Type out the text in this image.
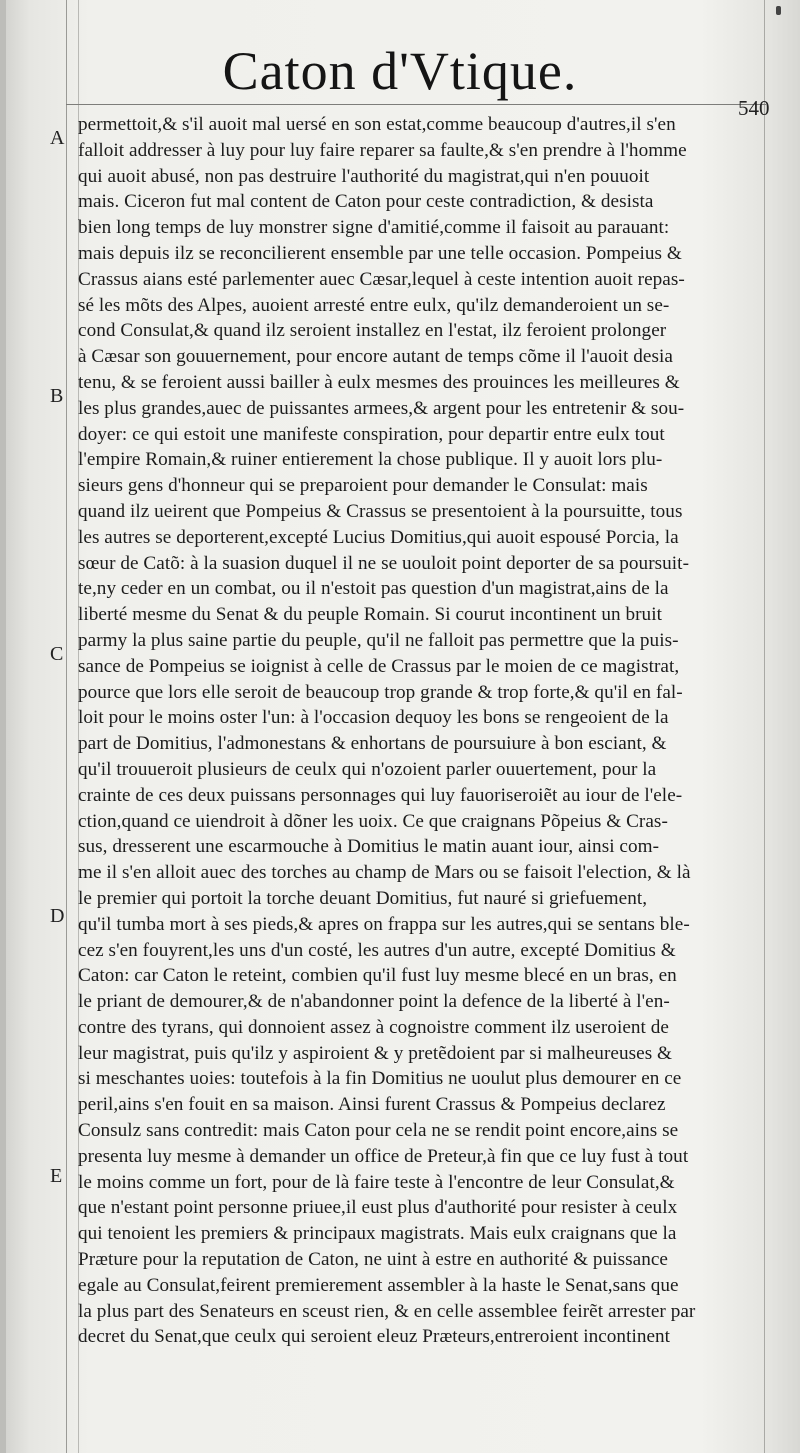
Caton d'Vtique.
540
A
B
C
D
E
permettoit,& s'il auoit mal uersé en son estat,comme beaucoup d'autres,il s'en
falloit addresser à luy pour luy faire reparer sa faulte,& s'en prendre à l'homme
qui auoit abusé, non pas destruire l'authorité du magistrat,qui n'en pouuoit
mais. Ciceron fut mal content de Caton pour ceste contradiction, & desista
bien long temps de luy monstrer signe d'amitié,comme il faisoit au parauant:
mais depuis ilz se reconcilierent ensemble par une telle occasion. Pompeius &
Crassus aians esté parlementer auec Cæsar,lequel à ceste intention auoit repas-
sé les mõts des Alpes, auoient arresté entre eulx, qu'ilz demanderoient un se-
cond Consulat,& quand ilz seroient installez en l'estat, ilz feroient prolonger
à Cæsar son gouuernement, pour encore autant de temps cõme il l'auoit desia
tenu, & se feroient aussi bailler à eulx mesmes des prouinces les meilleures &
les plus grandes,auec de puissantes armees,& argent pour les entretenir & sou-
doyer: ce qui estoit une manifeste conspiration, pour departir entre eulx tout
l'empire Romain,& ruiner entierement la chose publique. Il y auoit lors plu-
sieurs gens d'honneur qui se preparoient pour demander le Consulat: mais
quand ilz ueirent que Pompeius & Crassus se presentoient à la poursuitte, tous
les autres se deporterent,excepté Lucius Domitius,qui auoit espousé Porcia, la
sœur de Catõ: à la suasion duquel il ne se uouloit point deporter de sa poursuit-
te,ny ceder en un combat, ou il n'estoit pas question d'un magistrat,ains de la
liberté mesme du Senat & du peuple Romain. Si courut incontinent un bruit
parmy la plus saine partie du peuple, qu'il ne falloit pas permettre que la puis-
sance de Pompeius se ioignist à celle de Crassus par le moien de ce magistrat,
pource que lors elle seroit de beaucoup trop grande & trop forte,& qu'il en fal-
loit pour le moins oster l'un: à l'occasion dequoy les bons se rengeoient de la
part de Domitius, l'admonestans & enhortans de poursuiure à bon esciant, &
qu'il trouueroit plusieurs de ceulx qui n'ozoient parler ouuertement, pour la
crainte de ces deux puissans personnages qui luy fauoriseroiẽt au iour de l'ele-
ction,quand ce uiendroit à dõner les uoix. Ce que craignans Põpeius & Cras-
sus, dresserent une escarmouche à Domitius le matin auant iour, ainsi com-
me il s'en alloit auec des torches au champ de Mars ou se faisoit l'election, & là
le premier qui portoit la torche deuant Domitius, fut nauré si griefuement,
qu'il tumba mort à ses pieds,& apres on frappa sur les autres,qui se sentans ble-
cez s'en fouyrent,les uns d'un costé, les autres d'un autre, excepté Domitius &
Caton: car Caton le reteint, combien qu'il fust luy mesme blecé en un bras, en
le priant de demourer,& de n'abandonner point la defence de la liberté à l'en-
contre des tyrans, qui donnoient assez à cognoistre comment ilz useroient de
leur magistrat, puis qu'ilz y aspiroient & y pretẽdoient par si malheureuses &
si meschantes uoies: toutefois à la fin Domitius ne uoulut plus demourer en ce
peril,ains s'en fouit en sa maison. Ainsi furent Crassus & Pompeius declarez
Consulz sans contredit: mais Caton pour cela ne se rendit point encore,ains se
presenta luy mesme à demander un office de Preteur,à fin que ce luy fust à tout
le moins comme un fort, pour de là faire teste à l'encontre de leur Consulat,&
que n'estant point personne priuee,il eust plus d'authorité pour resister à ceulx
qui tenoient les premiers & principaux magistrats. Mais eulx craignans que la
Præture pour la reputation de Caton, ne uint à estre en authorité & puissance
egale au Consulat,feirent premierement assembler à la haste le Senat,sans que
la plus part des Senateurs en sceust rien, & en celle assemblee feirẽt arrester par
decret du Senat,que ceulx qui seroient eleuz Præteurs,entreroient incontinent
